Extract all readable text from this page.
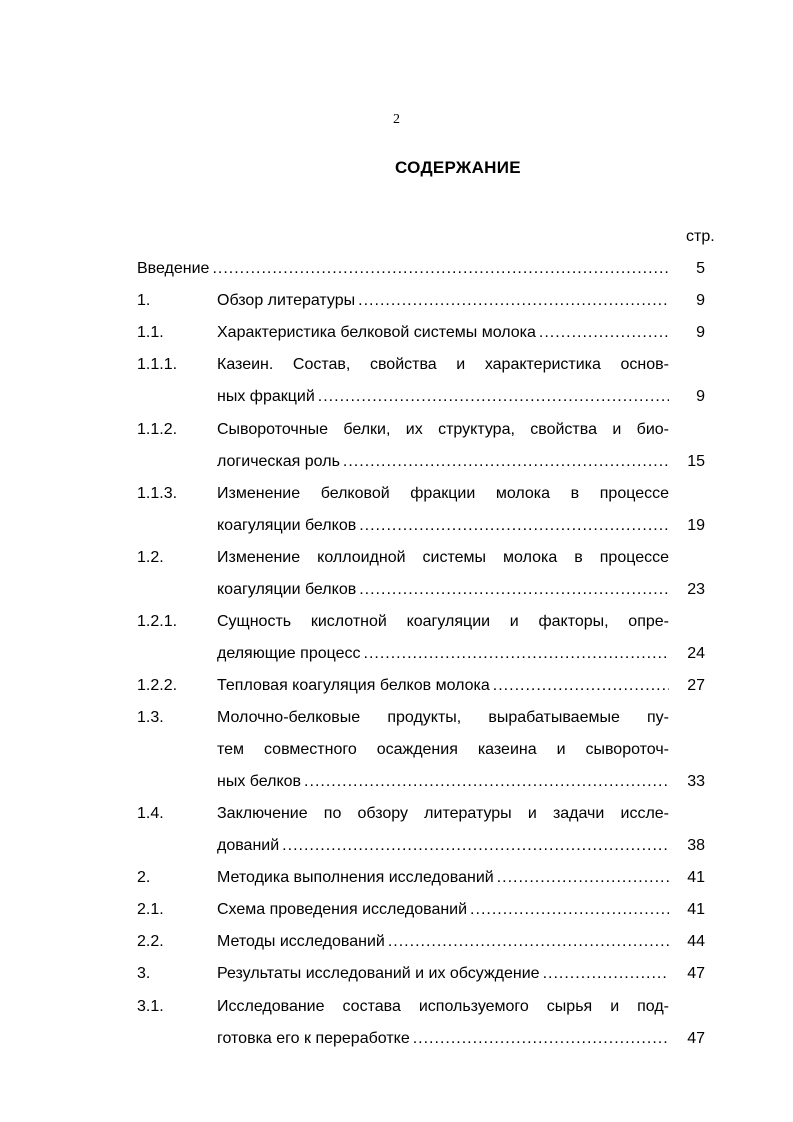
2
СОДЕРЖАНИЕ
стр.
Введение .....	5
1.	Обзор литературы .....	9
1.1.	Характеристика белковой системы молока .....	9
1.1.1. Казеин. Состав, свойства и характеристика основ-
ных фракций .....	9
1.1.2. Сывороточные белки, их структура, свойства и био-
логическая роль .....	15
1.1.3. Изменение белковой фракции молока в процессе
коагуляции белков .....	19
1.2.	Изменение коллоидной системы молока в процессе
коагуляции белков .....	23
1.2.1. Сущность кислотной коагуляции и факторы, опре-
деляющие процесс .....	24
1.2.2. Тепловая коагуляция белков молока .....	27
1.3.	Молочно-белковые продукты, вырабатываемые пу-
тем совместного осаждения казеина и сывороточ-
ных белков .....	33
1.4.	Заключение по обзору литературы и задачи иссле-
дований .....	38
2.	Методика выполнения исследований .....	41
2.1.	Схема проведения исследований .....	41
2.2.	Методы исследований .....	44
3.	Результаты исследований и их обсуждение .....	47
3.1.	Исследование состава используемого сырья и под-
готовка его к переработке .....	47
